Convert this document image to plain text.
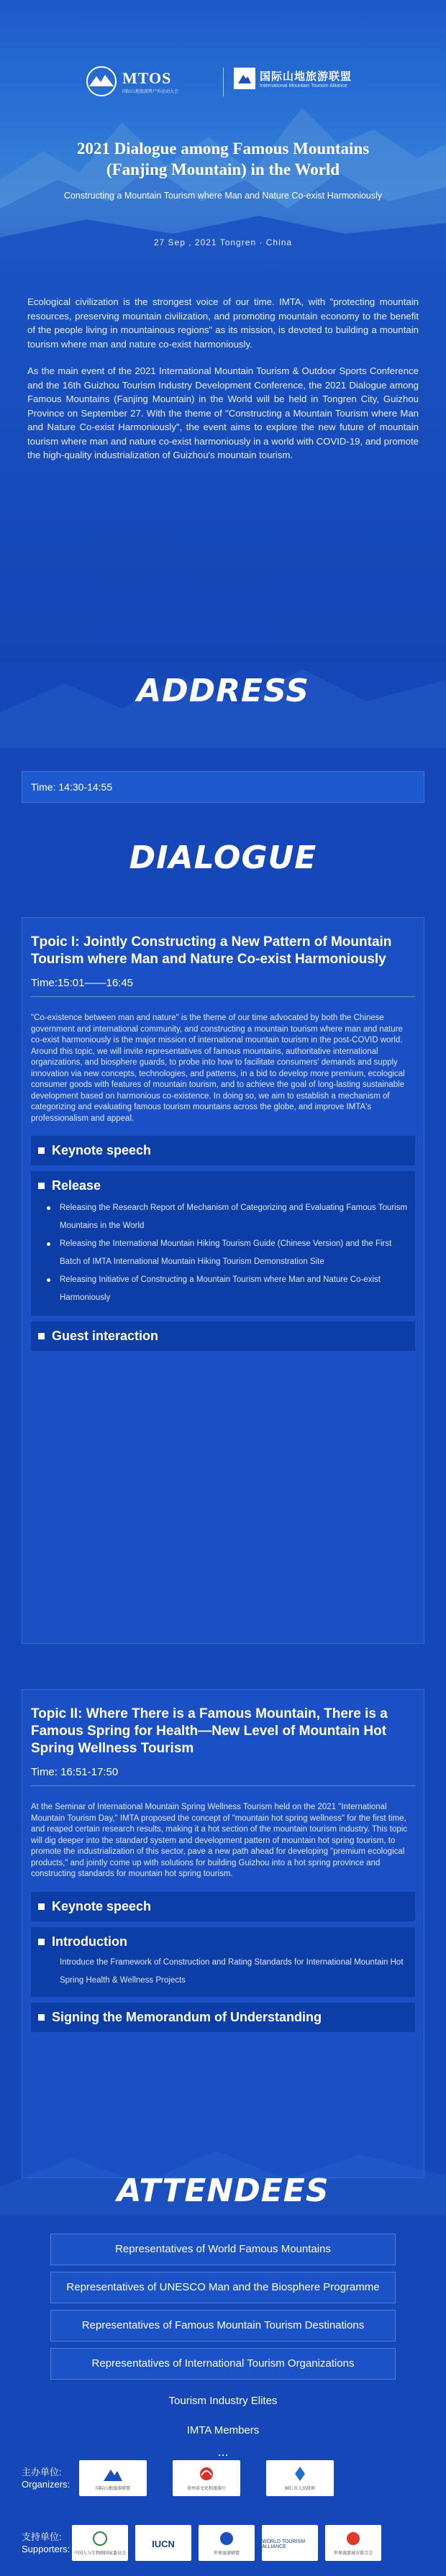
MTOS
国际山地旅游暨户外运动大会
国际山地旅游联盟
International Mountain Tourism Alliance
2021 Dialogue among Famous Mountains
(Fanjing Mountain) in the World
Constructing a Mountain Tourism where Man and Nature Co-exist Harmoniously
27 Sep , 2021 Tongren · China

Ecological civilization is the strongest voice of our time. IMTA, with "protecting mountain resources, preserving mountain civilization, and promoting mountain economy to the benefit of the people living in mountainous regions" as its mission, is devoted to building a mountain tourism where man and nature co-exist harmoniously.

As the main event of the 2021 International Mountain Tourism & Outdoor Sports Conference and the 16th Guizhou Tourism Industry Development Conference, the 2021 Dialogue among Famous Mountains (Fanjing Mountain) in the World will be held in Tongren City, Guizhou Province on September 27. With the theme of "Constructing a Mountain Tourism where Man and Nature Co-exist Harmoniously", the event aims to explore the new future of mountain tourism where man and nature co-exist harmoniously in a world with COVID-19, and promote the high-quality industrialization of Guizhou's mountain tourism.

ADDRESS
Time: 14:30-14:55
DIALOGUE
Tpoic I: Jointly Constructing a New Pattern of Mountain Tourism where Man and Nature Co-exist Harmoniously
Time:15:01——16:45

"Co-existence between man and nature" is the theme of our time advocated by both the Chinese government and international community, and constructing a mountain tourism where man and nature co-exist harmoniously is the major mission of international mountain tourism in the post-COVID world. Around this topic, we will invite representatives of famous mountains, authoritative international organizations, and biosphere guards, to probe into how to facilitate consumers' demands and supply innovation via new concepts, technologies, and patterns, in a bid to develop more premium, ecological consumer goods with features of mountain tourism, and to achieve the goal of long-lasting sustainable development based on harmonious co-existence. In doing so, we aim to establish a mechanism of categorizing and evaluating famous tourism mountains across the globe, and improve IMTA's professionalism and appeal.

Keynote speech
Release
Releasing the Research Report of Mechanism of Categorizing and Evaluating Famous Tourism Mountains in the World
Releasing the International Mountain Hiking Tourism Guide (Chinese Version) and the First Batch of IMTA International Mountain Hiking Tourism Demonstration Site
Releasing Initiative of Constructing a Mountain Tourism where Man and Nature Co-exist Harmoniously
Guest interaction
Topic II: Where There is a Famous Mountain, There is a Famous Spring for Health—New Level of Mountain Hot Spring Wellness Tourism
Time: 16:51-17:50

At the Seminar of International Mountain Spring Wellness Tourism held on the 2021 "International Mountain Tourism Day," IMTA proposed the concept of "mountain hot spring wellness" for the first time, and reaped certain research results, making it a hot section of the mountain tourism industry. This topic will dig deeper into the standard system and development pattern of mountain hot spring tourism, to promote the industrialization of this sector, pave a new path ahead for developing "premium ecological products," and jointly come up with solutions for building Guizhou into a hot spring province and constructing standards for mountain hot spring tourism.

Keynote speech
Introduction
Introduce the Framework of Construction and Rating Standards for International Mountain Hot Spring Health & Wellness Projects
Signing the Memorandum of Understanding
ATTENDEES
Representatives of World Famous Mountains
Representatives of UNESCO Man and the Biosphere Programme
Representatives of Famous Mountain Tourism Destinations
Representatives of International Tourism Organizations
Tourism Industry Elites
IMTA Members
...
主办单位:
Organizers:	国际山地旅游联盟	贵州省文化和旅游厅	铜仁市人民政府
支持单位:
Supporters: 中国人与生物圈国家委员会
IUCN
世界旅游联盟
WORLD TOURISM ALLIANCE
世界旅游城市联合会
